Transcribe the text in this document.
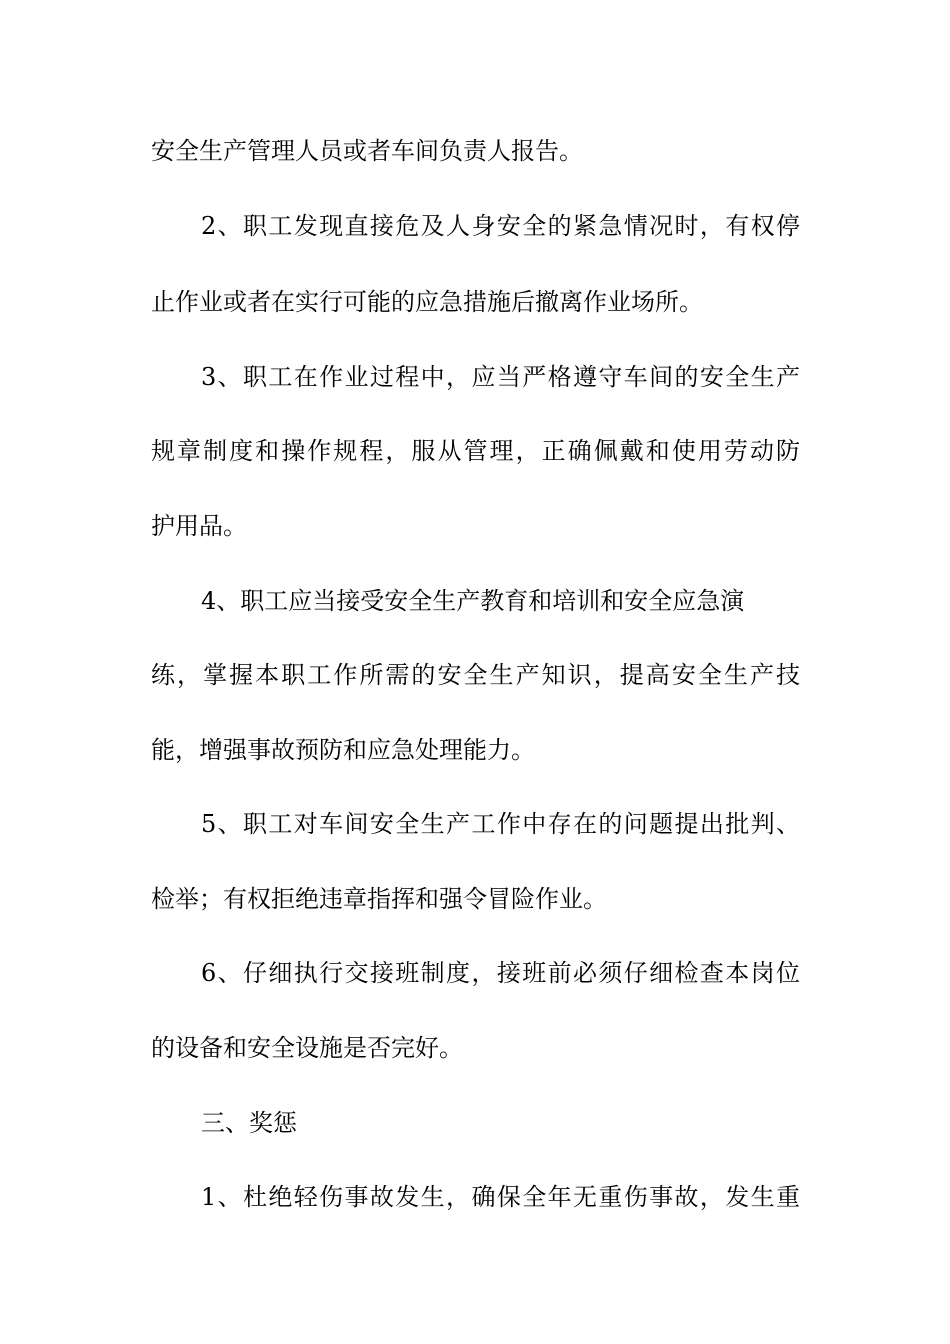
安全生产管理人员或者车间负责人报告。
2、职工发现直接危及人身安全的紧急情况时，有权停
止作业或者在实行可能的应急措施后撤离作业场所。
3、职工在作业过程中，应当严格遵守车间的安全生产
规章制度和操作规程，服从管理，正确佩戴和使用劳动防
护用品。
4、职工应当接受安全生产教育和培训和安全应急演
练，掌握本职工作所需的安全生产知识，提高安全生产技
能，增强事故预防和应急处理能力。
5、职工对车间安全生产工作中存在的问题提出批判、
检举；有权拒绝违章指挥和强令冒险作业。
6、仔细执行交接班制度，接班前必须仔细检查本岗位
的设备和安全设施是否完好。
三、奖惩
1、杜绝轻伤事故发生，确保全年无重伤事故，发生重
